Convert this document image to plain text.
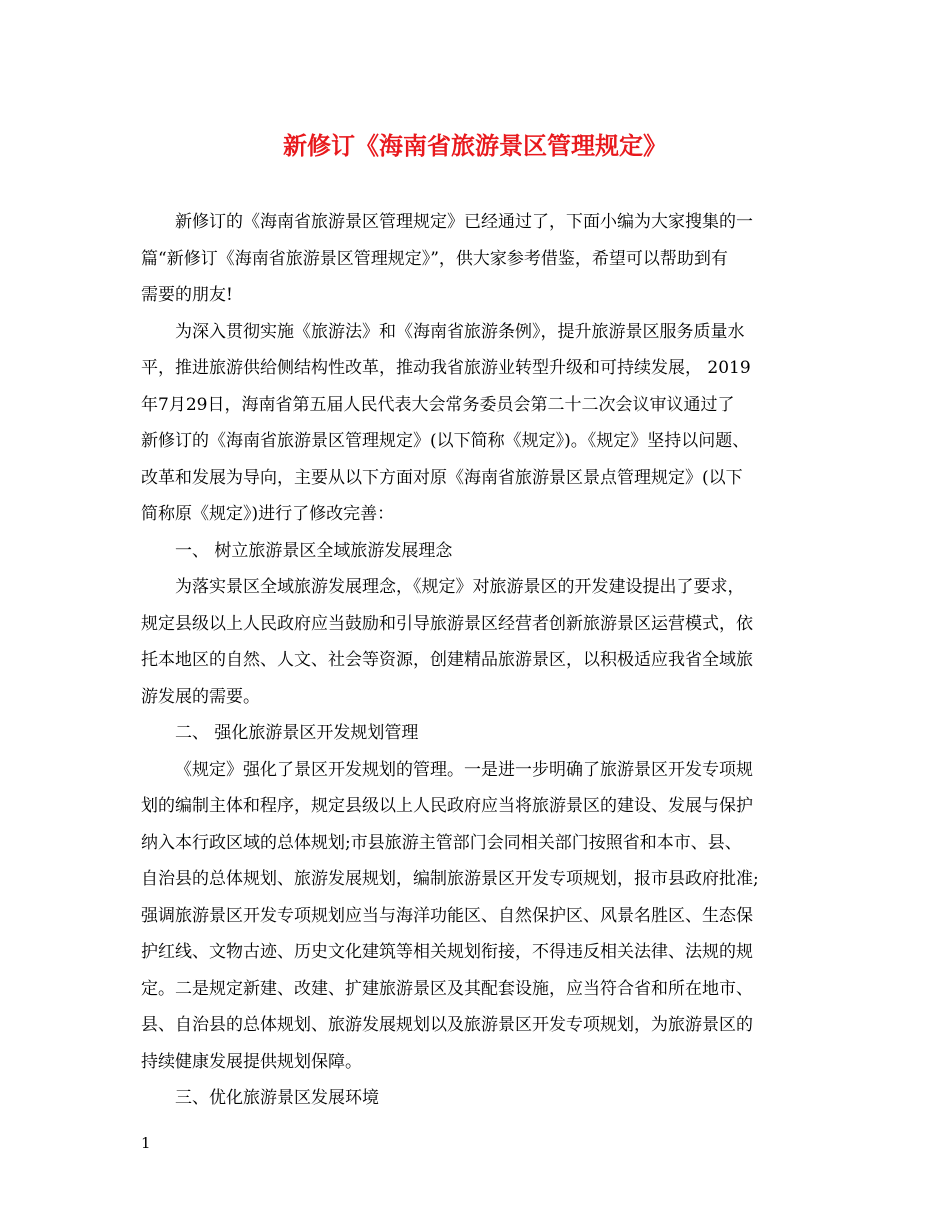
新修订《海南省旅游景区管理规定》
新修订的《海南省旅游景区管理规定》已经通过了，下面小编为大家搜集的一
篇“新修订《海南省旅游景区管理规定》”，供大家参考借鉴，希望可以帮助到有
需要的朋友!
为深入贯彻实施《旅游法》和《海南省旅游条例》，提升旅游景区服务质量水
平，推进旅游供给侧结构性改革，推动我省旅游业转型升级和可持续发展， 2019
年7月29日，海南省第五届人民代表大会常务委员会第二十二次会议审议通过了
新修订的《海南省旅游景区管理规定》(以下简称《规定》)。《规定》坚持以问题、
改革和发展为导向，主要从以下方面对原《海南省旅游景区景点管理规定》(以下
简称原《规定》)进行了修改完善：
一、 树立旅游景区全域旅游发展理念
为落实景区全域旅游发展理念，《规定》对旅游景区的开发建设提出了要求，
规定县级以上人民政府应当鼓励和引导旅游景区经营者创新旅游景区运营模式，依
托本地区的自然、人文、社会等资源，创建精品旅游景区，以积极适应我省全域旅
游发展的需要。
二、 强化旅游景区开发规划管理
《规定》强化了景区开发规划的管理。一是进一步明确了旅游景区开发专项规
划的编制主体和程序，规定县级以上人民政府应当将旅游景区的建设、发展与保护
纳入本行政区域的总体规划;市县旅游主管部门会同相关部门按照省和本市、县、
自治县的总体规划、旅游发展规划，编制旅游景区开发专项规划，报市县政府批准;
强调旅游景区开发专项规划应当与海洋功能区、自然保护区、风景名胜区、生态保
护红线、文物古迹、历史文化建筑等相关规划衔接，不得违反相关法律、法规的规
定。二是规定新建、改建、扩建旅游景区及其配套设施，应当符合省和所在地市、
县、自治县的总体规划、旅游发展规划以及旅游景区开发专项规划，为旅游景区的
持续健康发展提供规划保障。
三、优化旅游景区发展环境
1
